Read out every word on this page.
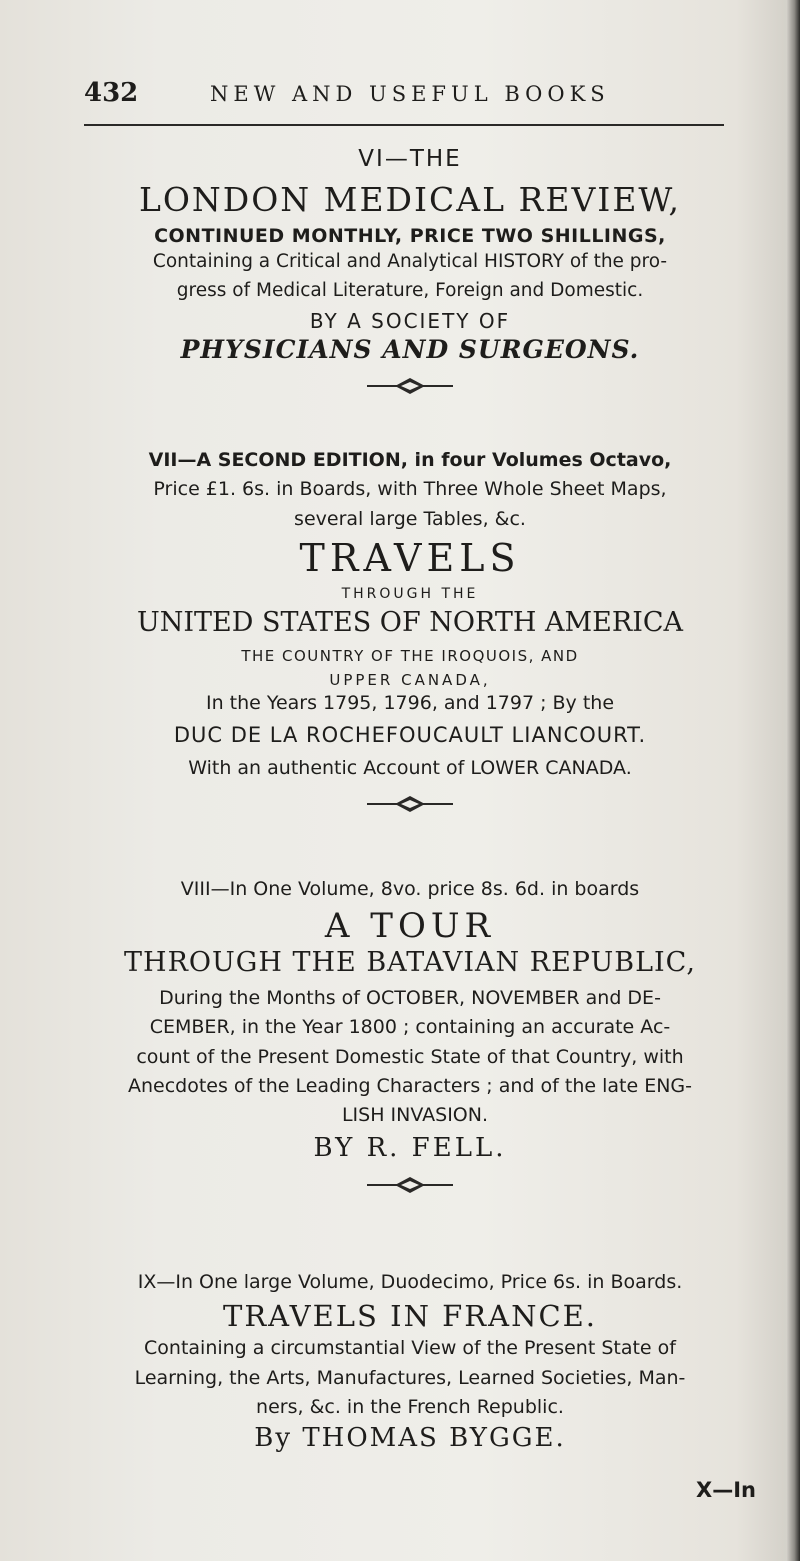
432	NEW AND USEFUL BOOKS
VI—THE
LONDON MEDICAL REVIEW,
CONTINUED MONTHLY, PRICE TWO SHILLINGS,
Containing a Critical and Analytical HISTORY of the pro-
gress of Medical Literature, Foreign and Domestic.
BY A SOCIETY OF
PHYSICIANS AND SURGEONS.
VII—A SECOND EDITION, in four Volumes Octavo,
Price £1. 6s. in Boards, with Three Whole Sheet Maps,
several large Tables, &c.
TRAVELS
THROUGH THE
UNITED STATES OF NORTH AMERICA
THE COUNTRY OF THE IROQUOIS, AND
UPPER CANADA,
In the Years 1795, 1796, and 1797 ; By the
DUC DE LA ROCHEFOUCAULT LIANCOURT.
With an authentic Account of LOWER CANADA.
VIII—In One Volume, 8vo. price 8s. 6d. in boards
A TOUR
THROUGH THE BATAVIAN REPUBLIC,
During the Months of OCTOBER, NOVEMBER and DE-
CEMBER, in the Year 1800 ; containing an accurate Ac-
count of the Present Domestic State of that Country, with
Anecdotes of the Leading Characters ; and of the late ENG-
LISH INVASION.
BY R. FELL.
IX—In One large Volume, Duodecimo, Price 6s. in Boards.
TRAVELS IN FRANCE.
Containing a circumstantial View of the Present State of
Learning, the Arts, Manufactures, Learned Societies, Man-
ners, &c. in the French Republic.
By THOMAS BYGGE.
X—In
